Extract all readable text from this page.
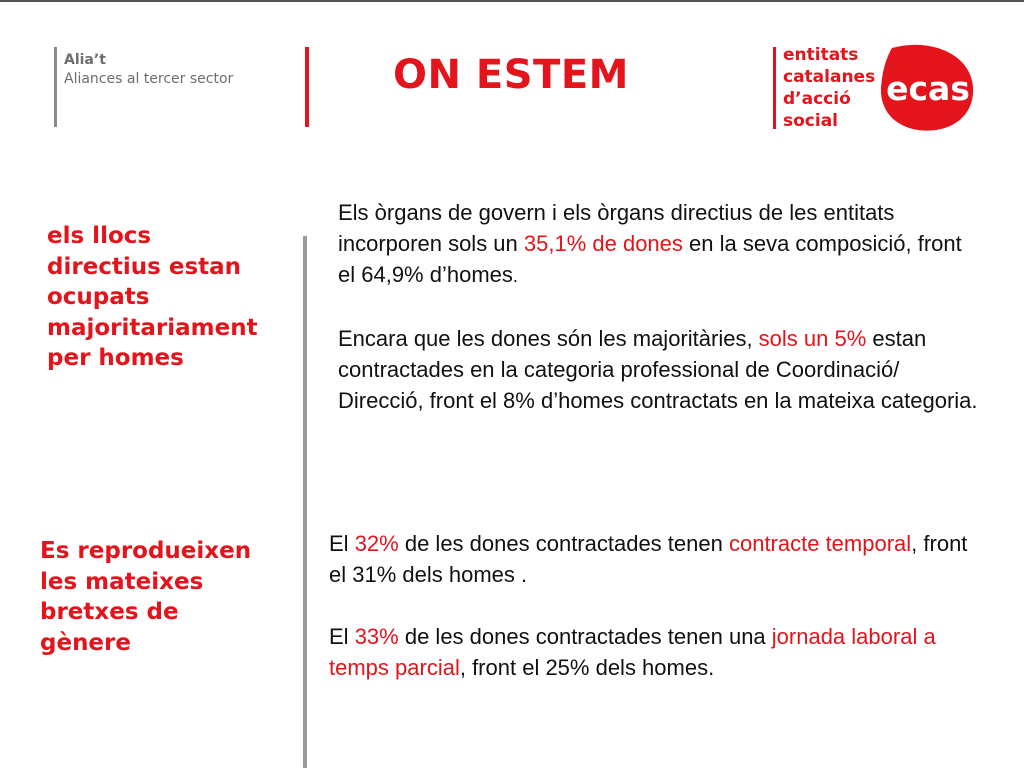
Alia’t
Aliances al tercer sector	ON ESTEM	entitats
catalanes
d’acció
social
ecas
els llocs
directius estan
ocupats
majoritariament
per homes

Els òrgans de govern i els òrgans directius de les entitats incorporen sols un 35,1% de dones en la seva composició, front el 64,9% d’homes.

Encara que les dones són les majoritàries, sols un 5% estan contractades en la categoria professional de Coordinació/ Direcció, front el 8% d’homes contractats en la mateixa categoria.

Es reprodueixen
les mateixes
bretxes de
gènere

El 32% de les dones contractades tenen contracte temporal, front el 31% dels homes .

El 33% de les dones contractades tenen una jornada laboral a temps parcial, front el 25% dels homes.
